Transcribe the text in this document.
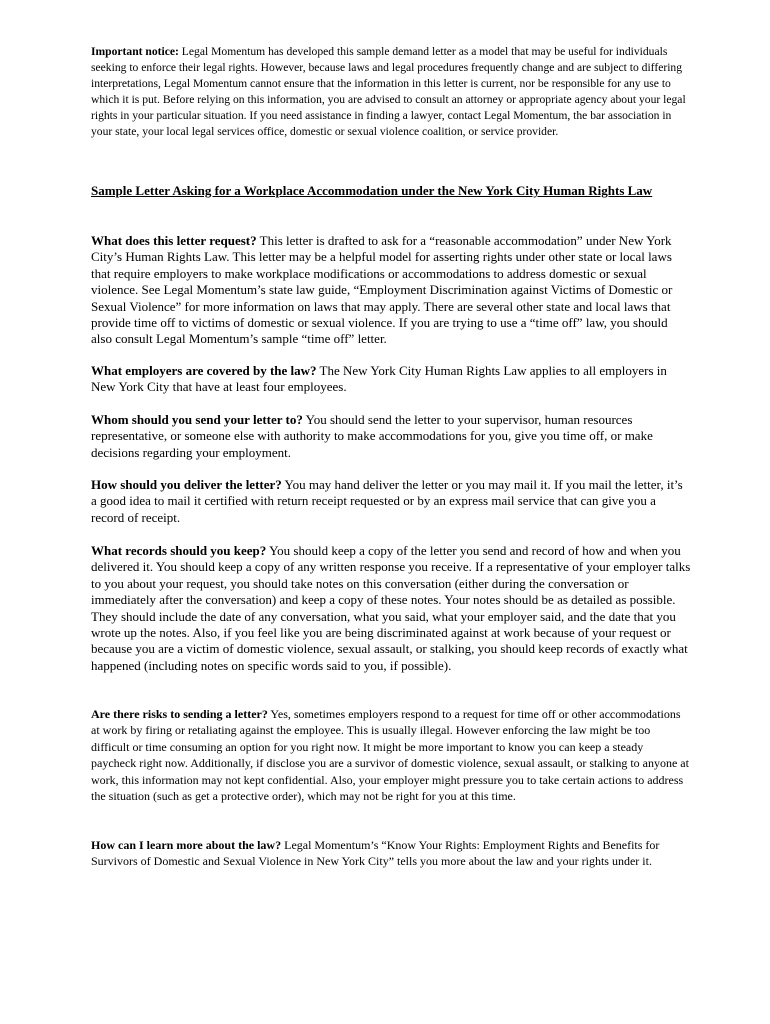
Important notice: Legal Momentum has developed this sample demand letter as a model that may be useful for individuals seeking to enforce their legal rights. However, because laws and legal procedures frequently change and are subject to differing interpretations, Legal Momentum cannot ensure that the information in this letter is current, nor be responsible for any use to which it is put. Before relying on this information, you are advised to consult an attorney or appropriate agency about your legal rights in your particular situation. If you need assistance in finding a lawyer, contact Legal Momentum, the bar association in your state, your local legal services office, domestic or sexual violence coalition, or service provider.

Sample Letter Asking for a Workplace Accommodation under the New York City Human Rights Law

What does this letter request? This letter is drafted to ask for a “reasonable accommodation” under New York City’s Human Rights Law. This letter may be a helpful model for asserting rights under other state or local laws that require employers to make workplace modifications or accommodations to address domestic or sexual violence. See Legal Momentum’s state law guide, “Employment Discrimination against Victims of Domestic or Sexual Violence” for more information on laws that may apply. There are several other state and local laws that provide time off to victims of domestic or sexual violence. If you are trying to use a “time off” law, you should also consult Legal Momentum’s sample “time off” letter.

What employers are covered by the law? The New York City Human Rights Law applies to all employers in New York City that have at least four employees.

Whom should you send your letter to? You should send the letter to your supervisor, human resources representative, or someone else with authority to make accommodations for you, give you time off, or make decisions regarding your employment.

How should you deliver the letter? You may hand deliver the letter or you may mail it. If you mail the letter, it’s a good idea to mail it certified with return receipt requested or by an express mail service that can give you a record of receipt.

What records should you keep? You should keep a copy of the letter you send and record of how and when you delivered it. You should keep a copy of any written response you receive. If a representative of your employer talks to you about your request, you should take notes on this conversation (either during the conversation or immediately after the conversation) and keep a copy of these notes. Your notes should be as detailed as possible. They should include the date of any conversation, what you said, what your employer said, and the date that you wrote up the notes. Also, if you feel like you are being discriminated against at work because of your request or because you are a victim of domestic violence, sexual assault, or stalking, you should keep records of exactly what happened (including notes on specific words said to you, if possible).

Are there risks to sending a letter? Yes, sometimes employers respond to a request for time off or other accommodations at work by firing or retaliating against the employee. This is usually illegal. However enforcing the law might be too difficult or time consuming an option for you right now. It might be more important to know you can keep a steady paycheck right now. Additionally, if disclose you are a survivor of domestic violence, sexual assault, or stalking to anyone at work, this information may not kept confidential. Also, your employer might pressure you to take certain actions to address the situation (such as get a protective order), which may not be right for you at this time.

How can I learn more about the law? Legal Momentum’s “Know Your Rights: Employment Rights and Benefits for Survivors of Domestic and Sexual Violence in New York City” tells you more about the law and your rights under it.
